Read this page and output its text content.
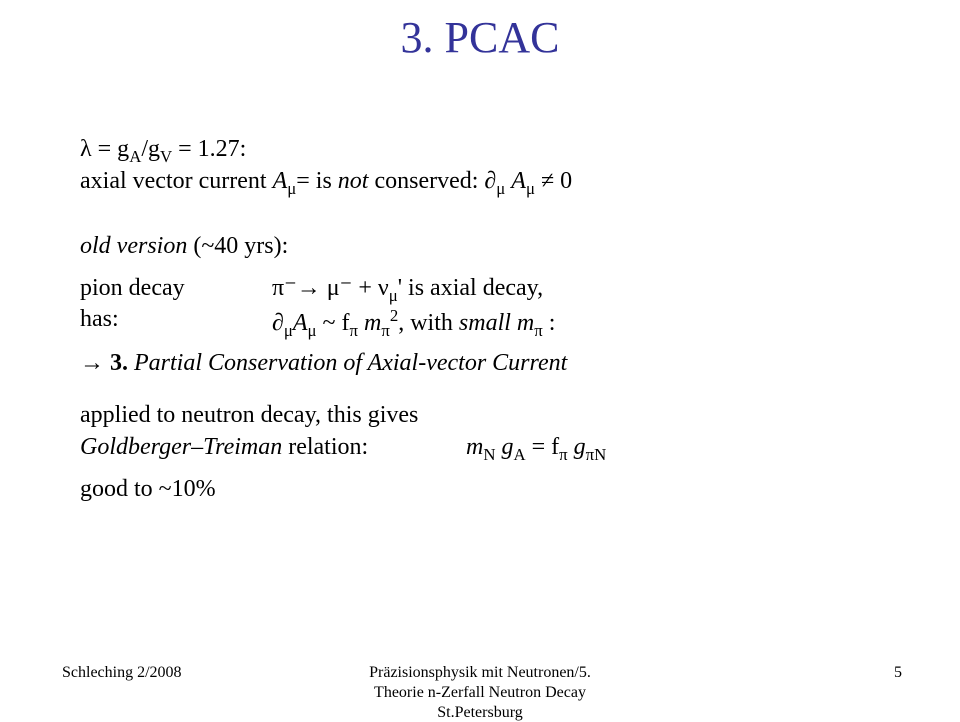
3. PCAC
$\lambda = g_A/g_V = 1.27$:
axial vector current $A_\mu=$ is not conserved: $\partial_\mu$ $A_\mu \ne 0$
old version (~40 yrs):
pion decay	$\pi^-\to \mu^- + \nu_\mu'$ is axial decay,
has:	$\partial_\mu A_\mu$ ~ $f_\pi$ $m_\pi^2$, with small $m_\pi$ :
→ 3. Partial Conservation of Axial-vector Current
applied to neutron decay, this gives
Goldberger–Treiman relation:	$m_N$ $g_A = f_\pi$ $g_{\pi N}$
good to ~10%
Schleching 2/2008	Präzisionsphysik mit Neutronen/5.
Theorie n-Zerfall Neutron Decay
St.Petersburg
5
